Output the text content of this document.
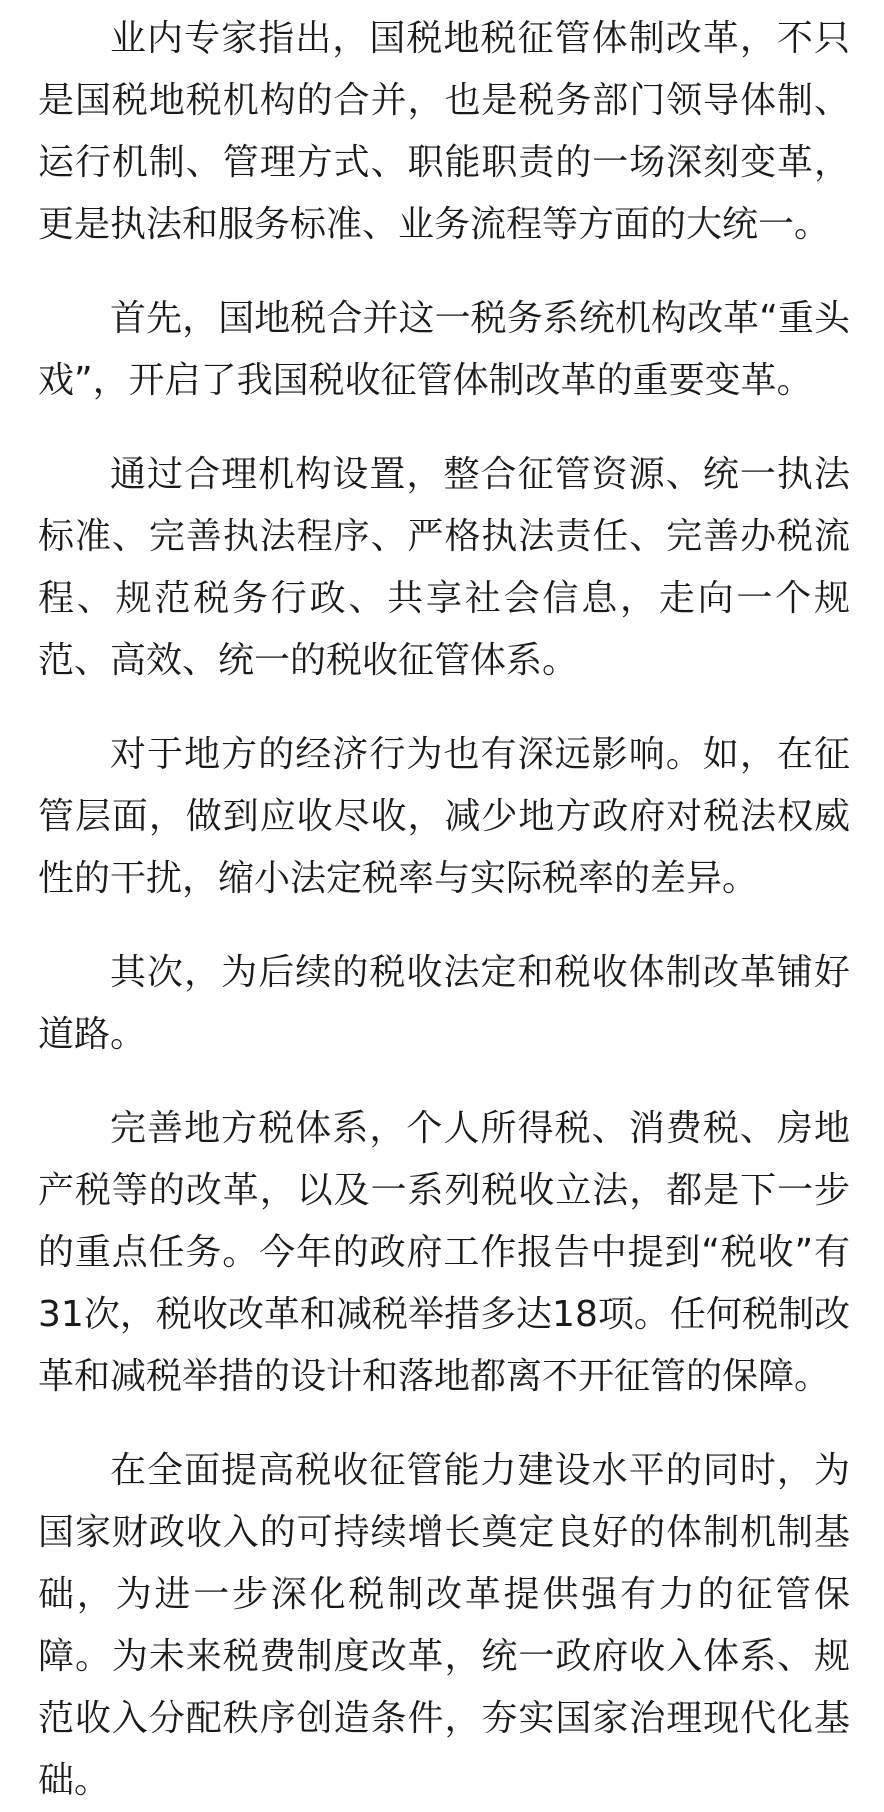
业内专家指出，国税地税征管体制改革，不只是国税地税机构的合并，也是税务部门领导体制、运行机制、管理方式、职能职责的一场深刻变革，更是执法和服务标准、业务流程等方面的大统一。

首先，国地税合并这一税务系统机构改革“重头戏”，开启了我国税收征管体制改革的重要变革。

通过合理机构设置，整合征管资源、统一执法标准、完善执法程序、严格执法责任、完善办税流程、规范税务行政、共享社会信息，走向一个规范、高效、统一的税收征管体系。

对于地方的经济行为也有深远影响。如，在征管层面，做到应收尽收，减少地方政府对税法权威性的干扰，缩小法定税率与实际税率的差异。

其次，为后续的税收法定和税收体制改革铺好道路。

完善地方税体系，个人所得税、消费税、房地产税等的改革，以及一系列税收立法，都是下一步的重点任务。今年的政府工作报告中提到“税收”有31次，税收改革和减税举措多达18项。任何税制改革和减税举措的设计和落地都离不开征管的保障。

在全面提高税收征管能力建设水平的同时，为国家财政收入的可持续增长奠定良好的体制机制基础，为进一步深化税制改革提供强有力的征管保障。为未来税费制度改革，统一政府收入体系、规范收入分配秩序创造条件，夯实国家治理现代化基础。
